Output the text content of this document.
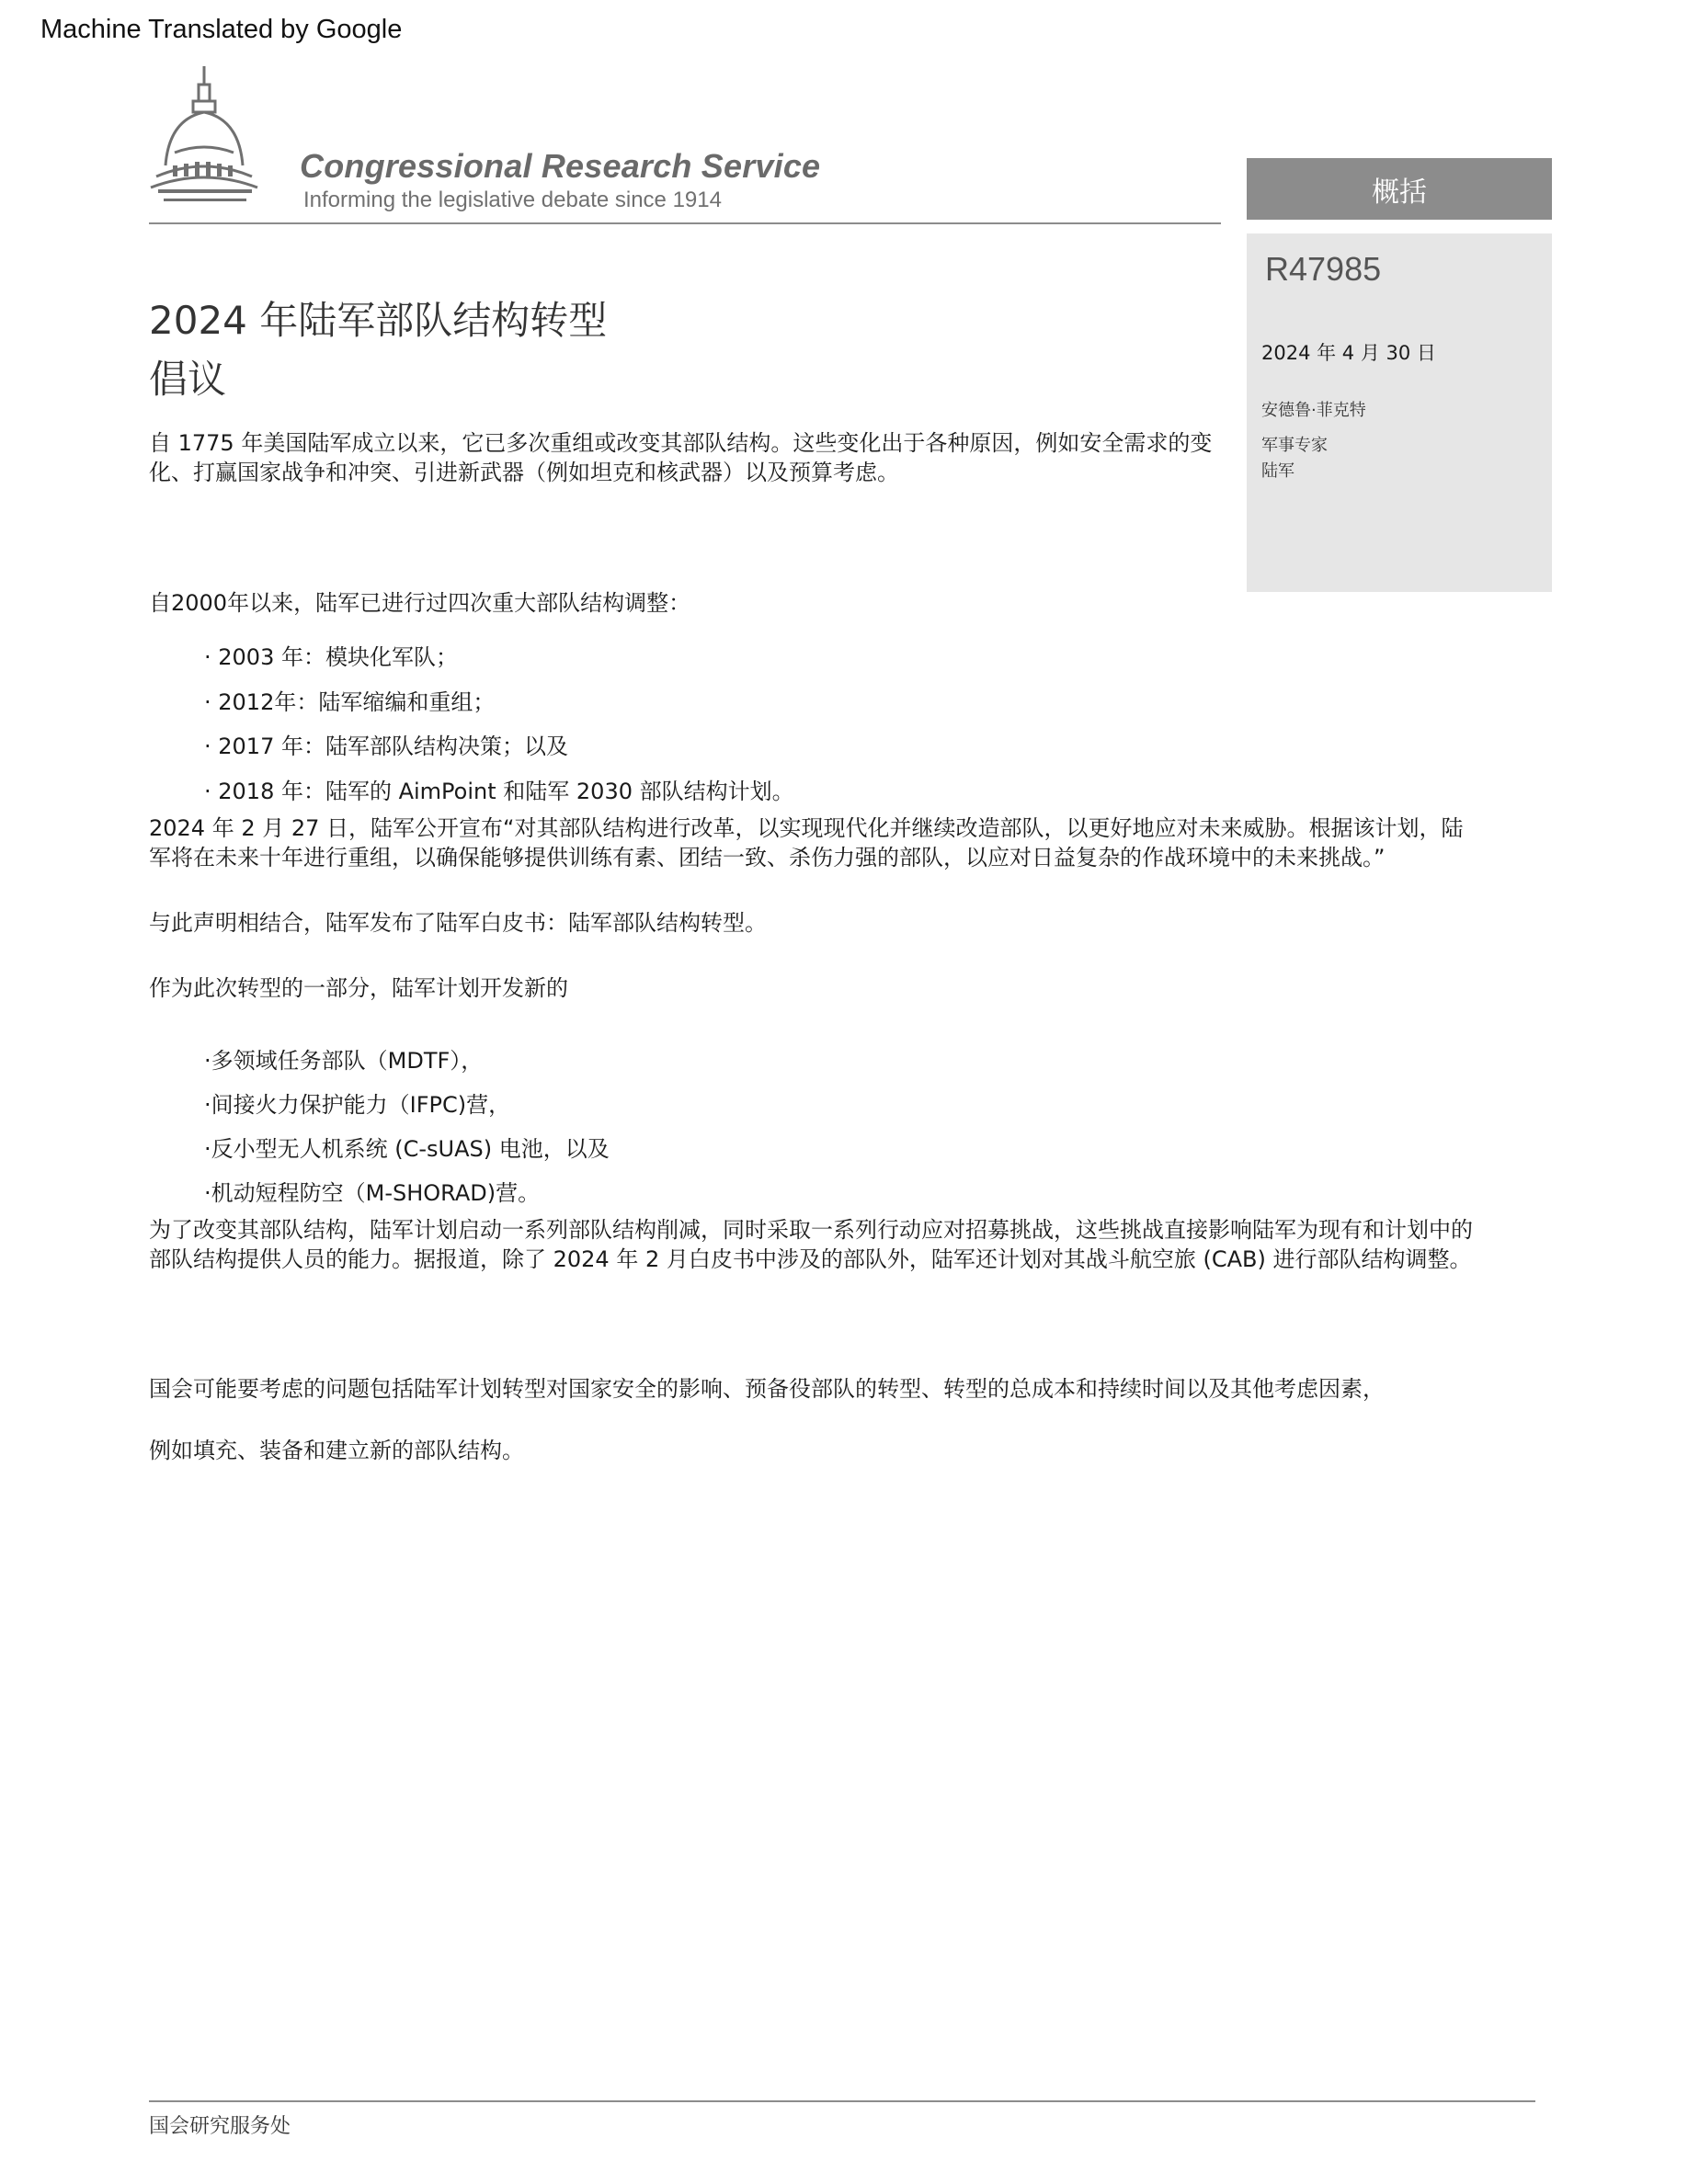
Machine Translated by Google
Congressional Research Service
Informing the legislative debate since 1914	概括
R47985
2024 年 4 月 30 日
安德鲁·菲克特
军事专家
陆军
2024 年陆军部队结构转型
倡议
自 1775 年美国陆军成立以来，它已多次重组或改变其部队结构。这些变化出于各种原因，例如安全需求的变化、打赢国家战争和冲突、引进新武器（例如坦克和核武器）以及预算考虑。
自2000年以来，陆军已进行过四次重大部队结构调整：
· 2003 年：模块化军队；
· 2012年：陆军缩编和重组；
· 2017 年：陆军部队结构决策；以及
· 2018 年：陆军的 AimPoint 和陆军 2030 部队结构计划。
2024 年 2 月 27 日，陆军公开宣布“对其部队结构进行改革，以实现现代化并继续改造部队，以更好地应对未来威胁。根据该计划，陆军将在未来十年进行重组，以确保能够提供训练有素、团结一致、杀伤力强的部队，以应对日益复杂的作战环境中的未来挑战。”
与此声明相结合，陆军发布了陆军白皮书：陆军部队结构转型。
作为此次转型的一部分，陆军计划开发新的
·多领域任务部队（MDTF），
·间接火力保护能力（IFPC)营，
·反小型无人机系统 (C-sUAS) 电池，以及
·机动短程防空（M-SHORAD)营。
为了改变其部队结构，陆军计划启动一系列部队结构削减，同时采取一系列行动应对招募挑战，这些挑战直接影响陆军为现有和计划中的部队结构提供人员的能力。据报道，除了 2024 年 2 月白皮书中涉及的部队外，陆军还计划对其战斗航空旅 (CAB) 进行部队结构调整。
国会可能要考虑的问题包括陆军计划转型对国家安全的影响、预备役部队的转型、转型的总成本和持续时间以及其他考虑因素，
例如填充、装备和建立新的部队结构。
国会研究服务处
